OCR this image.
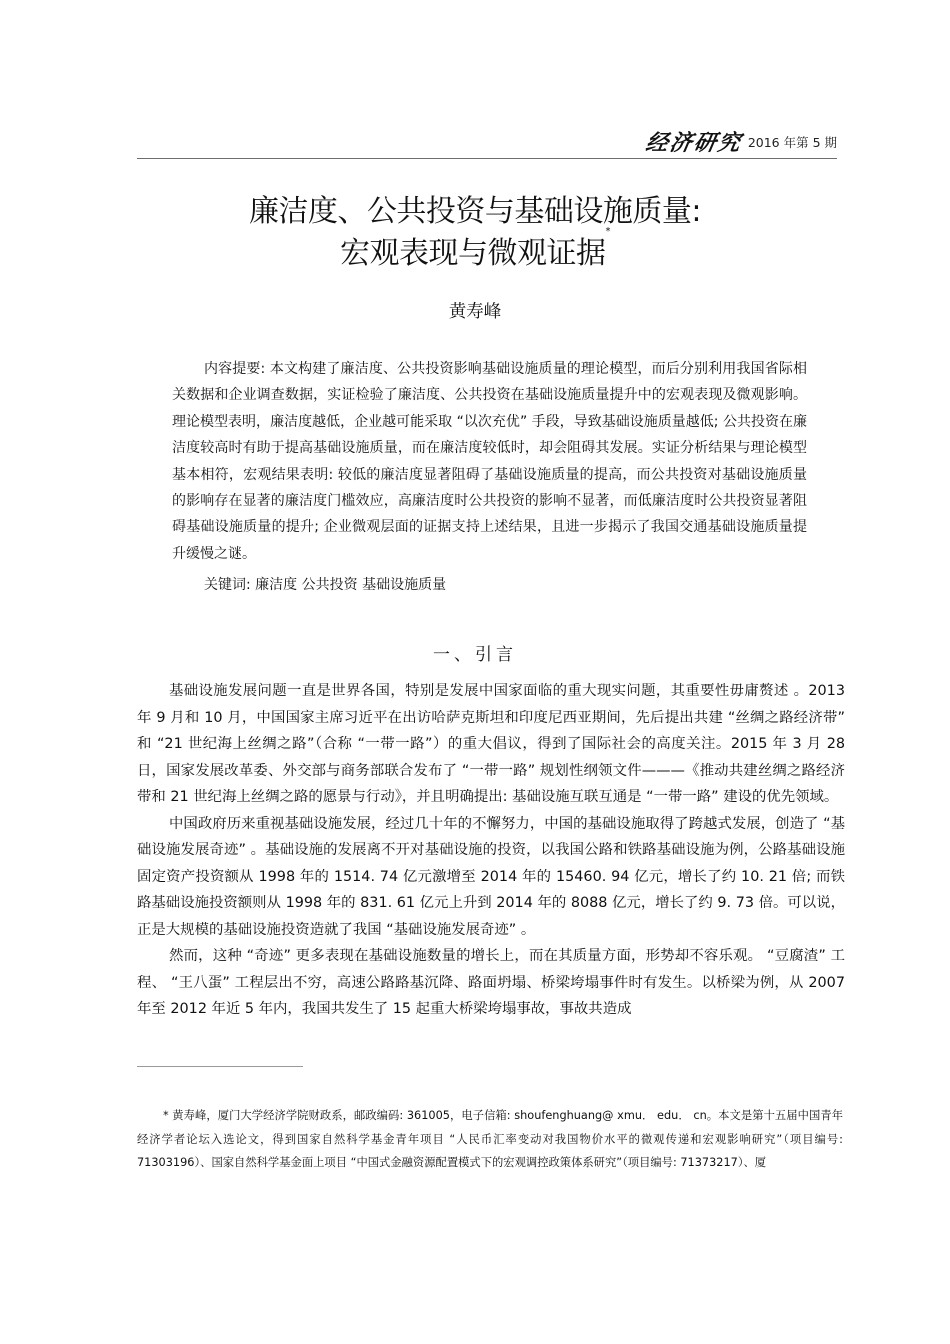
经济研究 2016 年第 5 期
廉洁度、公共投资与基础设施质量:
宏观表现与微观证据*
黄寿峰
内容提要: 本文构建了廉洁度、公共投资影响基础设施质量的理论模型，而后分别利用我国省际相关数据和企业调查数据，实证检验了廉洁度、公共投资在基础设施质量提升中的宏观表现及微观影响。理论模型表明，廉洁度越低，企业越可能采取 “以次充优” 手段，导致基础设施质量越低; 公共投资在廉洁度较高时有助于提高基础设施质量，而在廉洁度较低时，却会阻碍其发展。实证分析结果与理论模型基本相符，宏观结果表明: 较低的廉洁度显著阻碍了基础设施质量的提高，而公共投资对基础设施质量的影响存在显著的廉洁度门槛效应，高廉洁度时公共投资的影响不显著，而低廉洁度时公共投资显著阻碍基础设施质量的提升; 企业微观层面的证据支持上述结果，且进一步揭示了我国交通基础设施质量提升缓慢之谜。
关键词: 廉洁度 公共投资 基础设施质量
一、引言

基础设施发展问题一直是世界各国，特别是发展中国家面临的重大现实问题，其重要性毋庸赘述 。2013 年 9 月和 10 月，中国国家主席习近平在出访哈萨克斯坦和印度尼西亚期间，先后提出共建 “丝绸之路经济带” 和 “21 世纪海上丝绸之路”（合称 “一带一路”）的重大倡议，得到了国际社会的高度关注。2015 年 3 月 28 日，国家发展改革委、外交部与商务部联合发布了 “一带一路” 规划性纲领文件———《推动共建丝绸之路经济带和 21 世纪海上丝绸之路的愿景与行动》，并且明确提出: 基础设施互联互通是 “一带一路” 建设的优先领域。

中国政府历来重视基础设施发展，经过几十年的不懈努力，中国的基础设施取得了跨越式发展，创造了 “基础设施发展奇迹” 。基础设施的发展离不开对基础设施的投资，以我国公路和铁路基础设施为例，公路基础设施固定资产投资额从 1998 年的 1514. 74 亿元激增至 2014 年的 15460. 94 亿元，增长了约 10. 21 倍; 而铁路基础设施投资额则从 1998 年的 831. 61 亿元上升到 2014 年的 8088 亿元，增长了约 9. 73 倍。可以说，正是大规模的基础设施投资造就了我国 “基础设施发展奇迹” 。

然而，这种 “奇迹” 更多表现在基础设施数量的增长上，而在其质量方面，形势却不容乐观。 “豆腐渣” 工程、 “王八蛋” 工程层出不穷，高速公路路基沉降、路面坍塌、桥梁垮塌事件时有发生。以桥梁为例，从 2007 年至 2012 年近 5 年内，我国共发生了 15 起重大桥梁垮塌事故，事故共造成

* 黄寿峰，厦门大学经济学院财政系，邮政编码: 361005，电子信箱: shoufenghuang@ xmu． edu． cn。本文是第十五届中国青年经济学者论坛入选论文，得到国家自然科学基金青年项目 “人民币汇率变动对我国物价水平的微观传递和宏观影响研究”（项目编号: 71303196）、国家自然科学基金面上项目 “中国式金融资源配置模式下的宏观调控政策体系研究”（项目编号: 71373217）、厦
